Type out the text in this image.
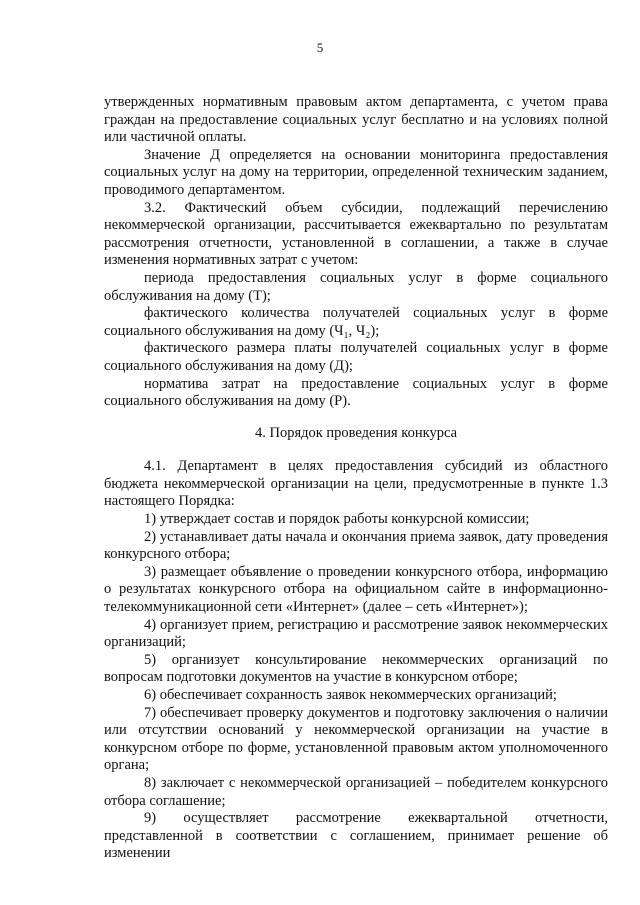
5

утвержденных нормативным правовым актом департамента, с учетом права граждан на предоставление социальных услуг бесплатно и на условиях полной или частичной оплаты.

Значение Д определяется на основании мониторинга предоставления социальных услуг на дому на территории, определенной техническим заданием, проводимого департаментом.

3.2. Фактический объем субсидии, подлежащий перечислению некоммерческой организации, рассчитывается ежеквартально по результатам рассмотрения отчетности, установленной в соглашении, а также в случае изменения нормативных затрат с учетом:

периода предоставления социальных услуг в форме социального обслуживания на дому (Т);

фактического количества получателей социальных услуг в форме социального обслуживания на дому (Ч₁, Ч₂);

фактического размера платы получателей социальных услуг в форме социального обслуживания на дому (Д);

норматива затрат на предоставление социальных услуг в форме социального обслуживания на дому (Р).

4. Порядок проведения конкурса

4.1. Департамент в целях предоставления субсидий из областного бюджета некоммерческой организации на цели, предусмотренные в пункте 1.3 настоящего Порядка:

1) утверждает состав и порядок работы конкурсной комиссии;

2) устанавливает даты начала и окончания приема заявок, дату проведения конкурсного отбора;

3) размещает объявление о проведении конкурсного отбора, информацию о результатах конкурсного отбора на официальном сайте в информационно-телекоммуникационной сети «Интернет» (далее – сеть «Интернет»);

4) организует прием, регистрацию и рассмотрение заявок некоммерческих организаций;

5) организует консультирование некоммерческих организаций по вопросам подготовки документов на участие в конкурсном отборе;

6) обеспечивает сохранность заявок некоммерческих организаций;

7) обеспечивает проверку документов и подготовку заключения о наличии или отсутствии оснований у некоммерческой организации на участие в конкурсном отборе по форме, установленной правовым актом уполномоченного органа;

8) заключает с некоммерческой организацией – победителем конкурсного отбора соглашение;

9) осуществляет рассмотрение ежеквартальной отчетности, представленной в соответствии с соглашением, принимает решение об изменении
